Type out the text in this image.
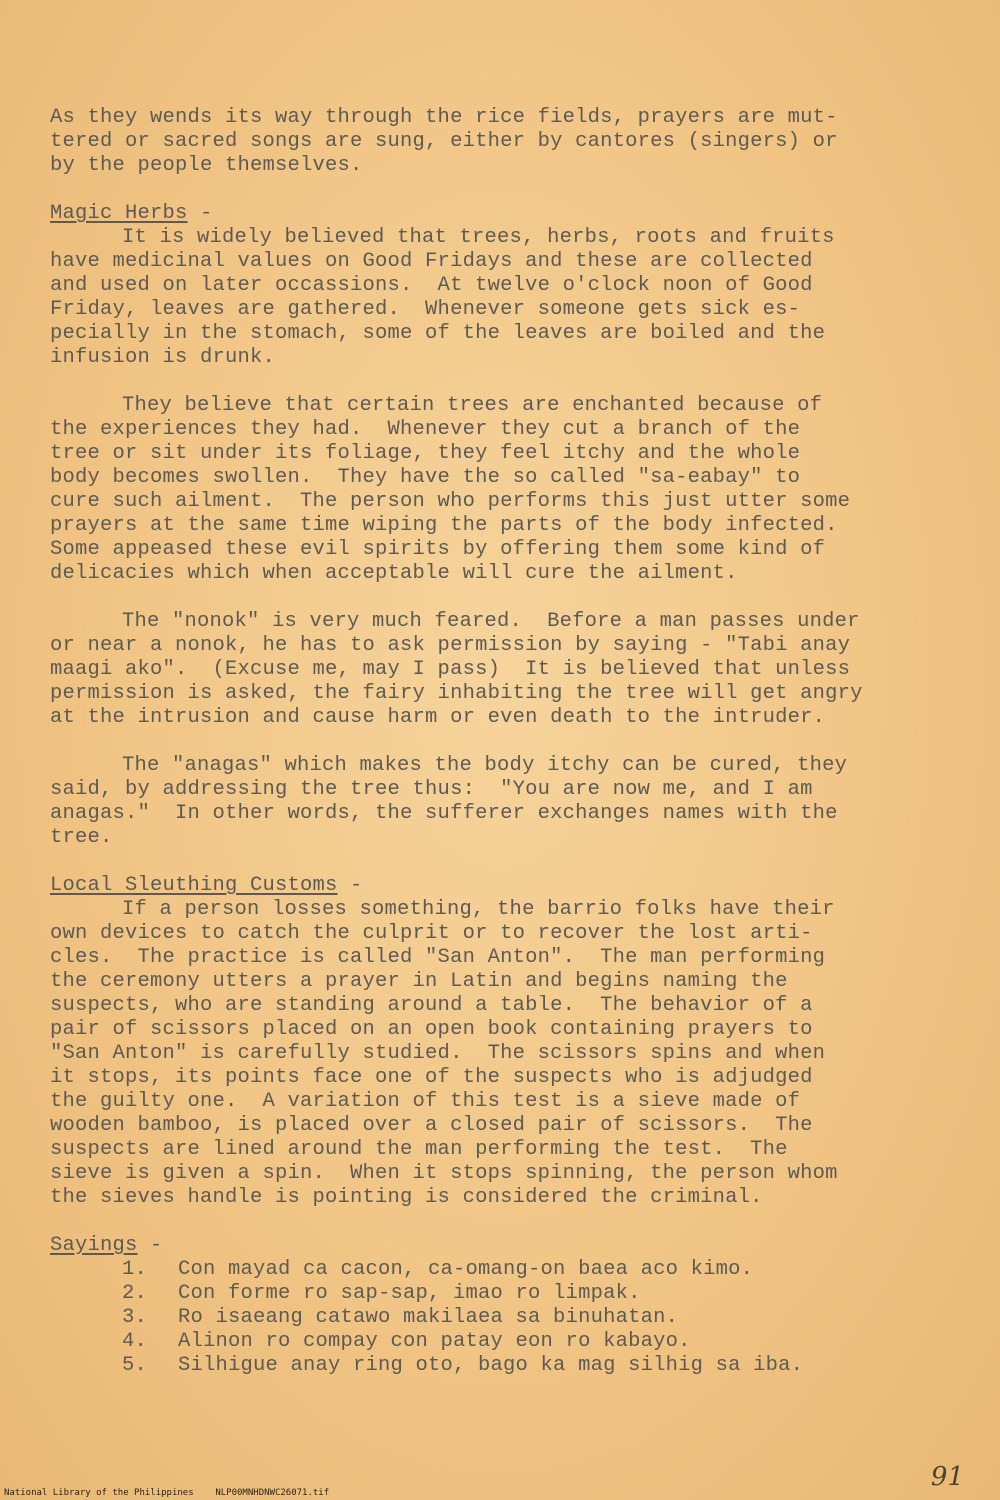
As they wends its way through the rice fields, prayers are mut-
tered or sacred songs are sung, either by cantores (singers) or
by the people themselves.
Magic Herbs -
It is widely believed that trees, herbs, roots and fruits
have medicinal values on Good Fridays and these are collected
and used on later occassions.  At twelve o'clock noon of Good
Friday, leaves are gathered.  Whenever someone gets sick es-
pecially in the stomach, some of the leaves are boiled and the
infusion is drunk.
They believe that certain trees are enchanted because of
the experiences they had.  Whenever they cut a branch of the
tree or sit under its foliage, they feel itchy and the whole
body becomes swollen.  They have the so called "sa-eabay" to
cure such ailment.  The person who performs this just utter some
prayers at the same time wiping the parts of the body infected.
Some appeased these evil spirits by offering them some kind of
delicacies which when acceptable will cure the ailment.
The "nonok" is very much feared.  Before a man passes under
or near a nonok, he has to ask permission by saying - "Tabi anay
maagi ako".  (Excuse me, may I pass)  It is believed that unless
permission is asked, the fairy inhabiting the tree will get angry
at the intrusion and cause harm or even death to the intruder.
The "anagas" which makes the body itchy can be cured, they
said, by addressing the tree thus:  "You are now me, and I am
anagas."  In other words, the sufferer exchanges names with the
tree.
Local Sleuthing Customs -
If a person losses something, the barrio folks have their
own devices to catch the culprit or to recover the lost arti-
cles.  The practice is called "San Anton".  The man performing
the ceremony utters a prayer in Latin and begins naming the
suspects, who are standing around a table.  The behavior of a
pair of scissors placed on an open book containing prayers to
"San Anton" is carefully studied.  The scissors spins and when
it stops, its points face one of the suspects who is adjudged
the guilty one.  A variation of this test is a sieve made of
wooden bamboo, is placed over a closed pair of scissors.  The
suspects are lined around the man performing the test.  The
sieve is given a spin.  When it stops spinning, the person whom
the sieves handle is pointing is considered the criminal.
Sayings -
1. Con mayad ca cacon, ca-omang-on baea aco kimo.
2. Con forme ro sap-sap, imao ro limpak.
3. Ro isaeang catawo makilaea sa binuhatan.
4. Alinon ro compay con patay eon ro kabayo.
5. Silhigue anay ring oto, bago ka mag silhig sa iba.
National Library of the Philippines NLP00MNHDNWC26071.tif
91
